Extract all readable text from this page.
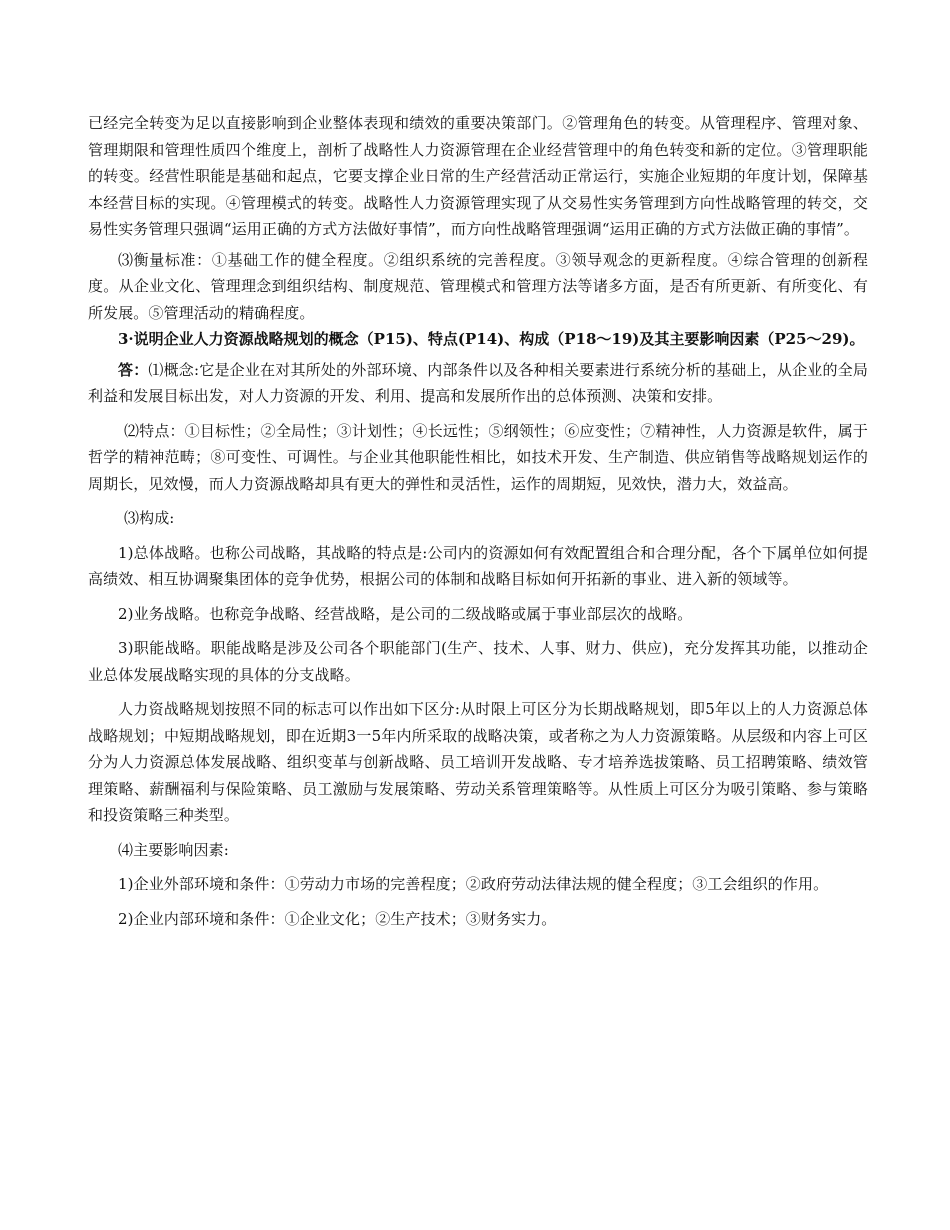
已经完全转变为足以直接影响到企业整体表现和绩效的重要决策部门。②管理角色的转变。从管理程序、管理对象、管理期限和管理性质四个维度上，剖析了战略性人力资源管理在企业经营管理中的角色转变和新的定位。③管理职能的转变。经营性职能是基础和起点，它要支撑企业日常的生产经营活动正常运行，实施企业短期的年度计划，保障基本经营目标的实现。④管理模式的转变。战略性人力资源管理实现了从交易性实务管理到方向性战略管理的转交，交易性实务管理只强调“运用正确的方式方法做好事情”，而方向性战略管理强调“运用正确的方式方法做正确的事情”。

⑶衡量标准：①基础工作的健全程度。②组织系统的完善程度。③领导观念的更新程度。④综合管理的创新程度。从企业文化、管理理念到组织结构、制度规范、管理模式和管理方法等诸多方面，是否有所更新、有所变化、有所发展。⑤管理活动的精确程度。

3·说明企业人力资源战略规划的概念（P15)、特点(P14)、构成（P18～19)及其主要影响因素（P25～29)。

答：⑴概念:它是企业在对其所处的外部环境、内部条件以及各种相关要素进行系统分析的基础上，从企业的全局利益和发展目标出发，对人力资源的开发、利用、提高和发展所作出的总体预测、决策和安排。

⑵特点：①目标性；②全局性；③计划性；④长远性；⑤纲领性；⑥应变性；⑦精神性，人力资源是软件，属于哲学的精神范畴；⑧可变性、可调性。与企业其他职能性相比，如技术开发、生产制造、供应销售等战略规划运作的周期长，见效慢，而人力资源战略却具有更大的弹性和灵活性，运作的周期短，见效快，潜力大，效益高。

⑶构成:

1)总体战略。也称公司战略，其战略的特点是:公司内的资源如何有效配置组合和合理分配，各个下属单位如何提高绩效、相互协调聚集团体的竞争优势，根据公司的体制和战略目标如何开拓新的事业、进入新的领域等。

2)业务战略。也称竞争战略、经营战略，是公司的二级战略或属于事业部层次的战略。

3)职能战略。职能战略是涉及公司各个职能部门(生产、技术、人事、财力、供应)，充分发挥其功能，以推动企业总体发展战略实现的具体的分支战略。

人力资战略规划按照不同的标志可以作出如下区分:从时限上可区分为长期战略规划，即5年以上的人力资源总体战略规划；中短期战略规划，即在近期3一5年内所采取的战略决策，或者称之为人力资源策略。从层级和内容上可区分为人力资源总体发展战略、组织变革与创新战略、员工培训开发战略、专才培养选拔策略、员工招聘策略、绩效管理策略、薪酬福利与保险策略、员工激励与发展策略、劳动关系管理策略等。从性质上可区分为吸引策略、参与策略和投资策略三种类型。

⑷主要影响因素:

1)企业外部环境和条件：①劳动力市场的完善程度；②政府劳动法律法规的健全程度；③工会组织的作用。

2)企业内部环境和条件：①企业文化；②生产技术；③财务实力。
